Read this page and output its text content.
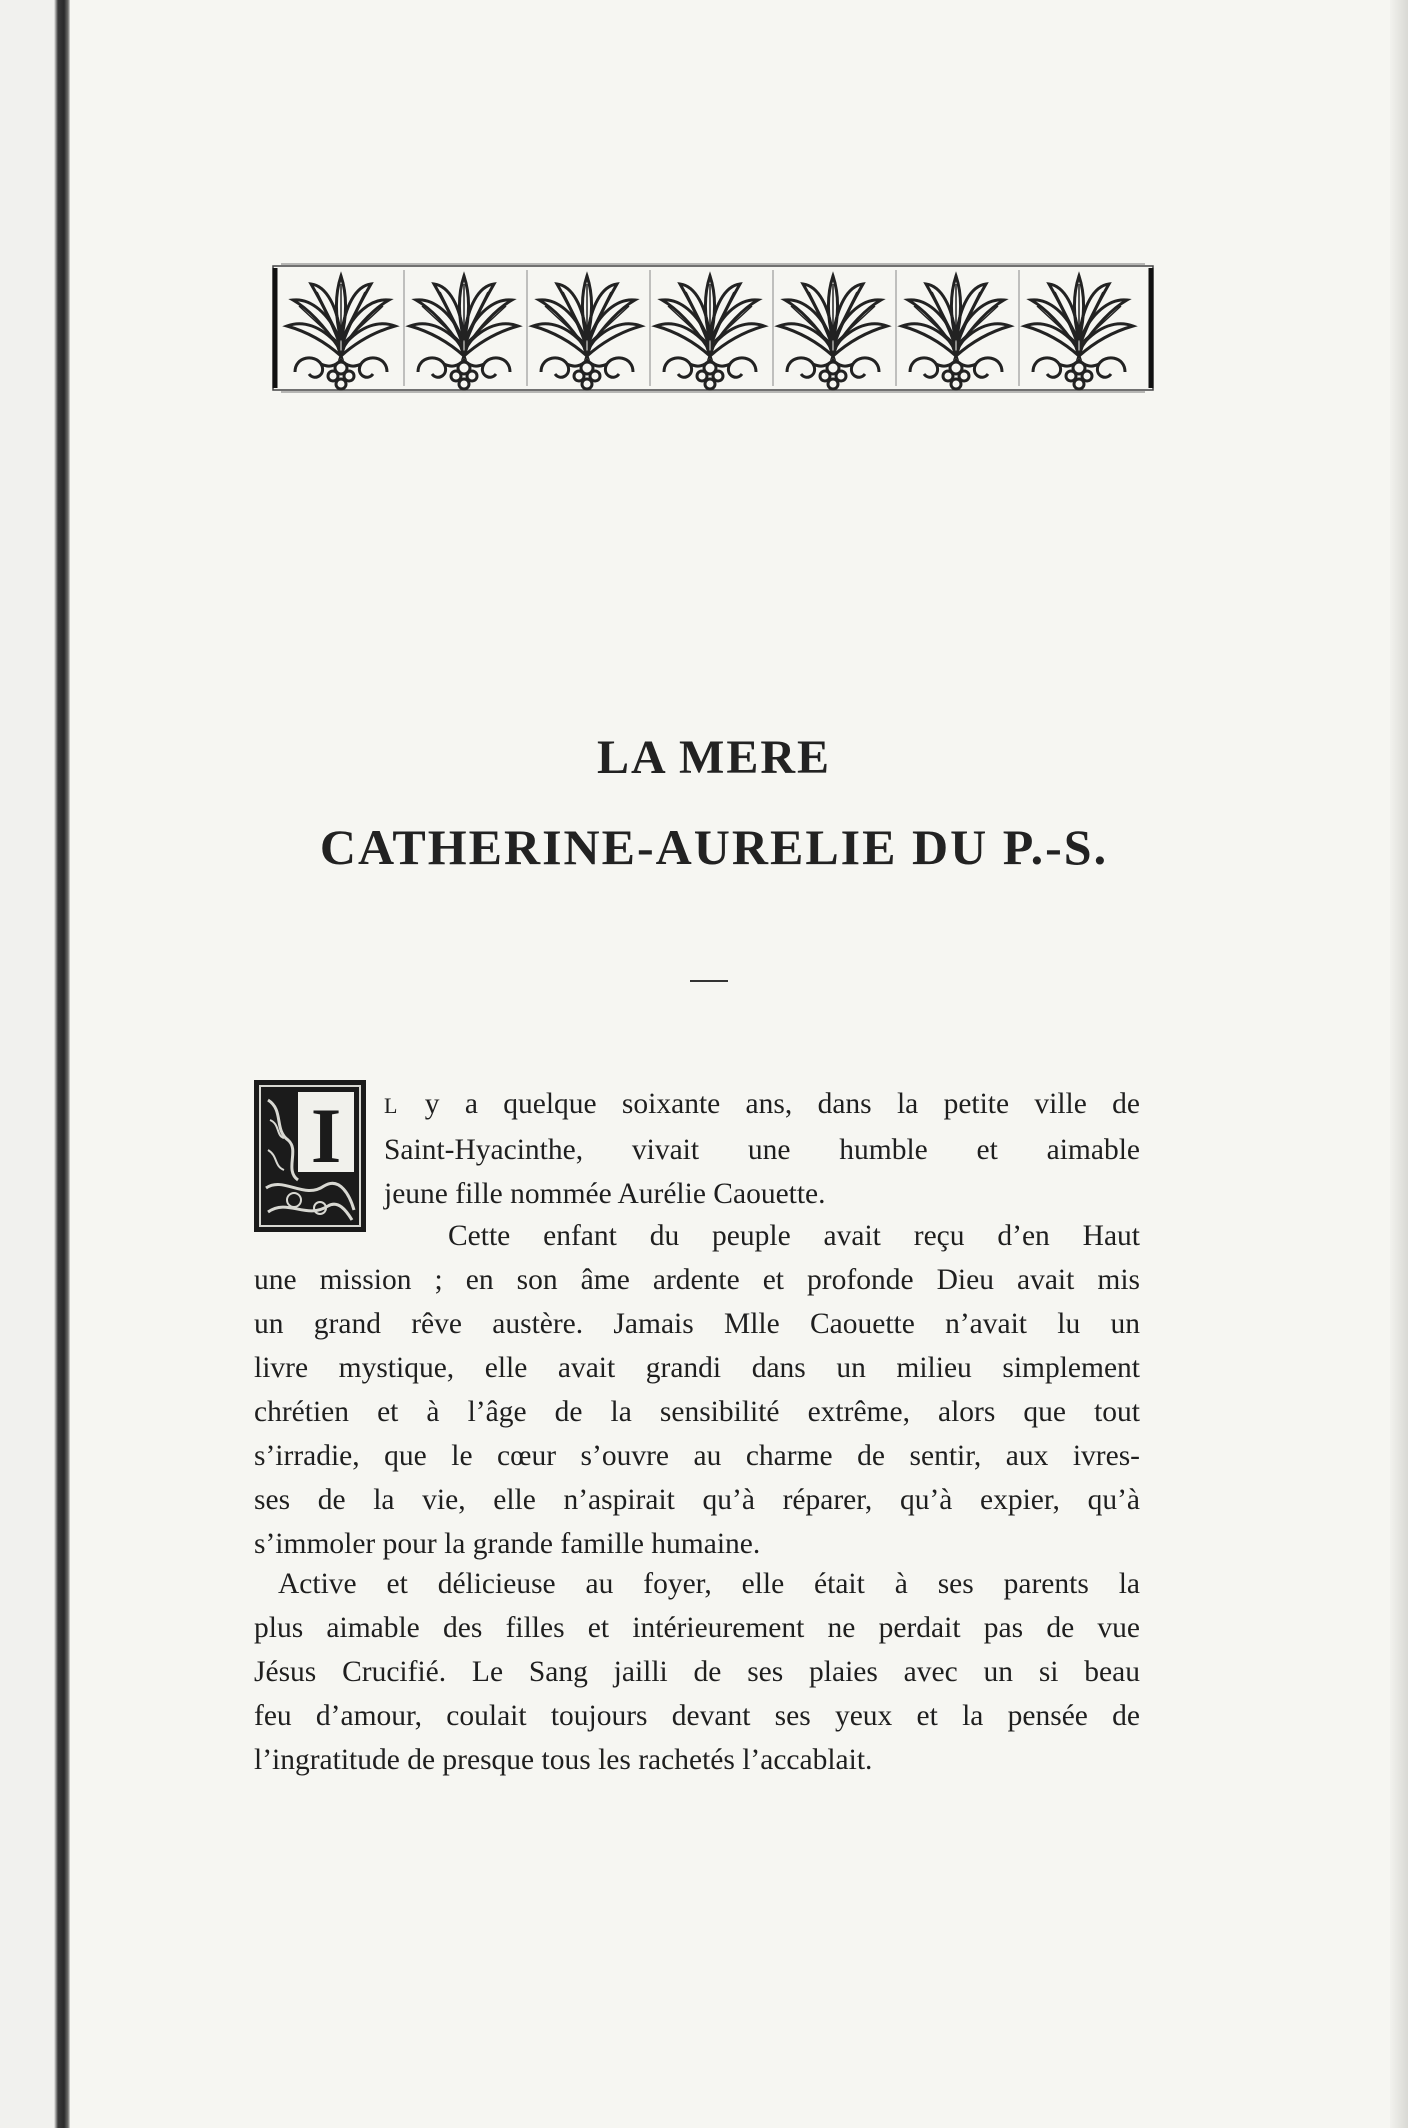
LA MERE
CATHERINE-AURELIE DU P.-S.
I L y a quelque soixante ans, dans la petite ville de
Saint-Hyacinthe, vivait une humble et aimable
jeune fille nommée Aurélie Caouette.

Cette enfant du peuple avait reçu d’en Haut
une mission ; en son âme ardente et profonde Dieu avait mis
un grand rêve austère. Jamais Mlle Caouette n’avait lu un
livre mystique, elle avait grandi dans un milieu simplement
chrétien et à l’âge de la sensibilité extrême, alors que tout
s’irradie, que le cœur s’ouvre au charme de sentir, aux ivres-
ses de la vie, elle n’aspirait qu’à réparer, qu’à expier, qu’à
s’immoler pour la grande famille humaine.

Active et délicieuse au foyer, elle était à ses parents la
plus aimable des filles et intérieurement ne perdait pas de vue
Jésus Crucifié. Le Sang jailli de ses plaies avec un si beau
feu d’amour, coulait toujours devant ses yeux et la pensée de
l’ingratitude de presque tous les rachetés l’accablait.
